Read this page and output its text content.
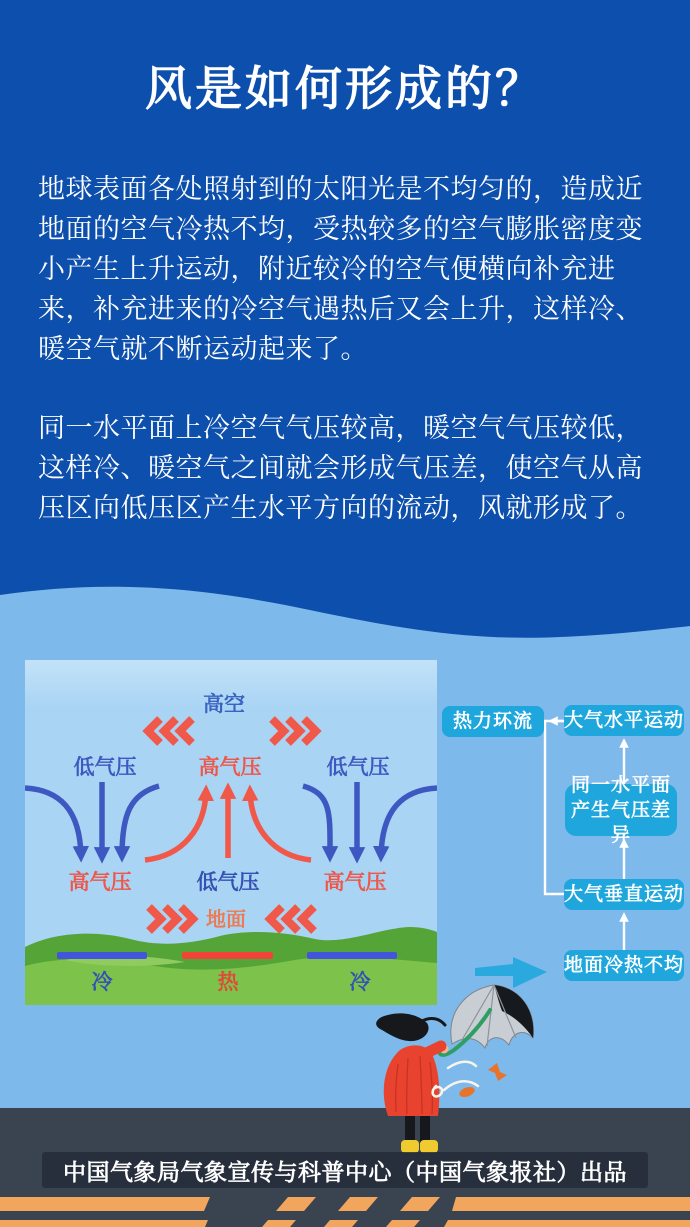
风是如何形成的？

地球表面各处照射到的太阳光是不均匀的，造成近地面的空气冷热不均，受热较多的空气膨胀密度变小产生上升运动，附近较冷的空气便横向补充进来，补充进来的冷空气遇热后又会上升，这样冷、暖空气就不断运动起来了。

同一水平面上冷空气气压较高，暖空气气压较低，这样冷、暖空气之间就会形成气压差，使空气从高压区向低压区产生水平方向的流动，风就形成了。

高空
低气压	高气压	低气压
高气压	低气压	高气压
地面
冷	热	冷
热力环流 大气水平运动
同一水平面
产生气压差异
大气垂直运动
地面冷热不均
中国气象局气象宣传与科普中心（中国气象报社）出品
